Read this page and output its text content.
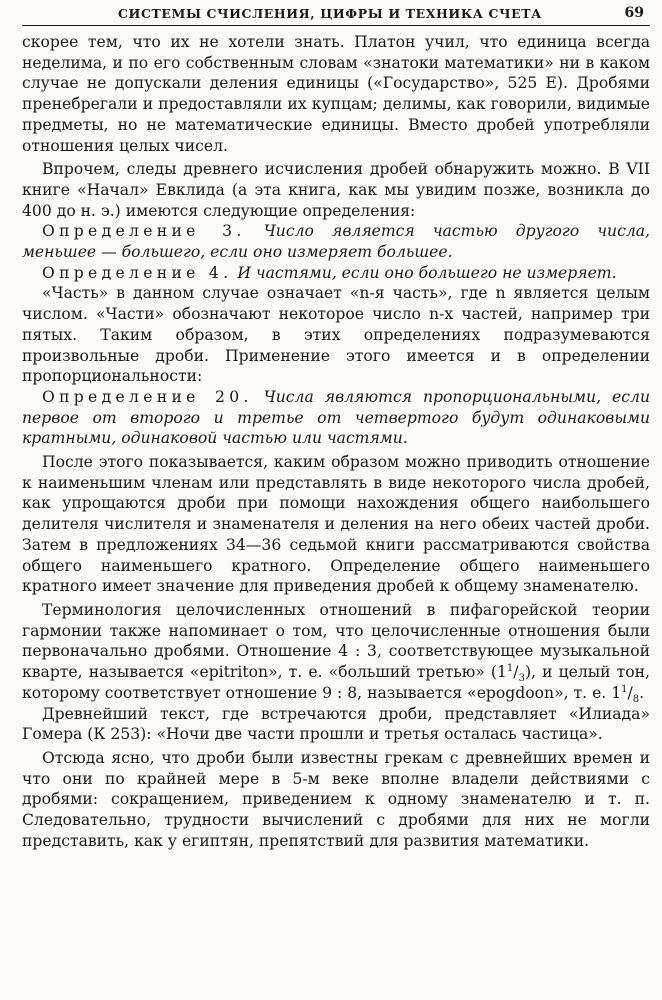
СИСТЕМЫ СЧИСЛЕНИЯ, ЦИФРЫ И ТЕХНИКА СЧЕТА	69

скорее тем, что их не хотели знать. Платон учил, что единица всегда неделима, и по его собственным словам «знатоки математики» ни в каком случае не допускали деления единицы («Государство», 525 Е). Дробями пренебрегали и предоставляли их купцам; делимы, как говорили, видимые предметы, но не математические единицы. Вместо дробей употребляли отношения целых чисел.

Впрочем, следы древнего исчисления дробей обнаружить можно. В VII книге «Начал» Евклида (а эта книга, как мы увидим позже, возникла до 400 до н. э.) имеются следующие определения:

Определение 3. Число является частью другого числа, меньшее — большего, если оно измеряет большее.

Определение 4. И частями, если оно большего не измеряет.

«Часть» в данном случае означает «n-я часть», где n является целым числом. «Части» обозначают некоторое число n-х частей, например три пятых. Таким образом, в этих определениях подразумеваются произвольные дроби. Применение этого имеется и в определении пропорциональности:

Определение 20. Числа являются пропорциональными, если первое от второго и третье от четвертого будут одинаковыми кратными, одинаковой частью или частями.

После этого показывается, каким образом можно приводить отношение к наименьшим членам или представлять в виде некоторого числа дробей, как упрощаются дроби при помощи нахождения общего наибольшего делителя числителя и знаменателя и деления на него обеих частей дроби. Затем в предложениях 34—36 седьмой книги рассматриваются свойства общего наименьшего кратного. Определение общего наименьшего кратного имеет значение для приведения дробей к общему знаменателю.

Терминология целочисленных отношений в пифагорейской теории гармонии также напоминает о том, что целочисленные отношения были первоначально дробями. Отношение 4 : 3, соответствующее музыкальной кварте, называется «epitriton», т. е. «больший третью» $(1^1/_3)$, и целый тон, которому соответствует отношение 9 : 8, называется «epogdoon», т. е. $1^1/_8$.

Древнейший текст, где встречаются дроби, представляет «Илиада» Гомера (К 253): «Ночи две части прошли и третья осталась частица».

Отсюда ясно, что дроби были известны грекам с древнейших времен и что они по крайней мере в 5-м веке вполне владели действиями с дробями: сокращением, приведением к одному знаменателю и т. п. Следовательно, трудности вычислений с дробями для них не могли представить, как у египтян, препятствий для развития математики.
